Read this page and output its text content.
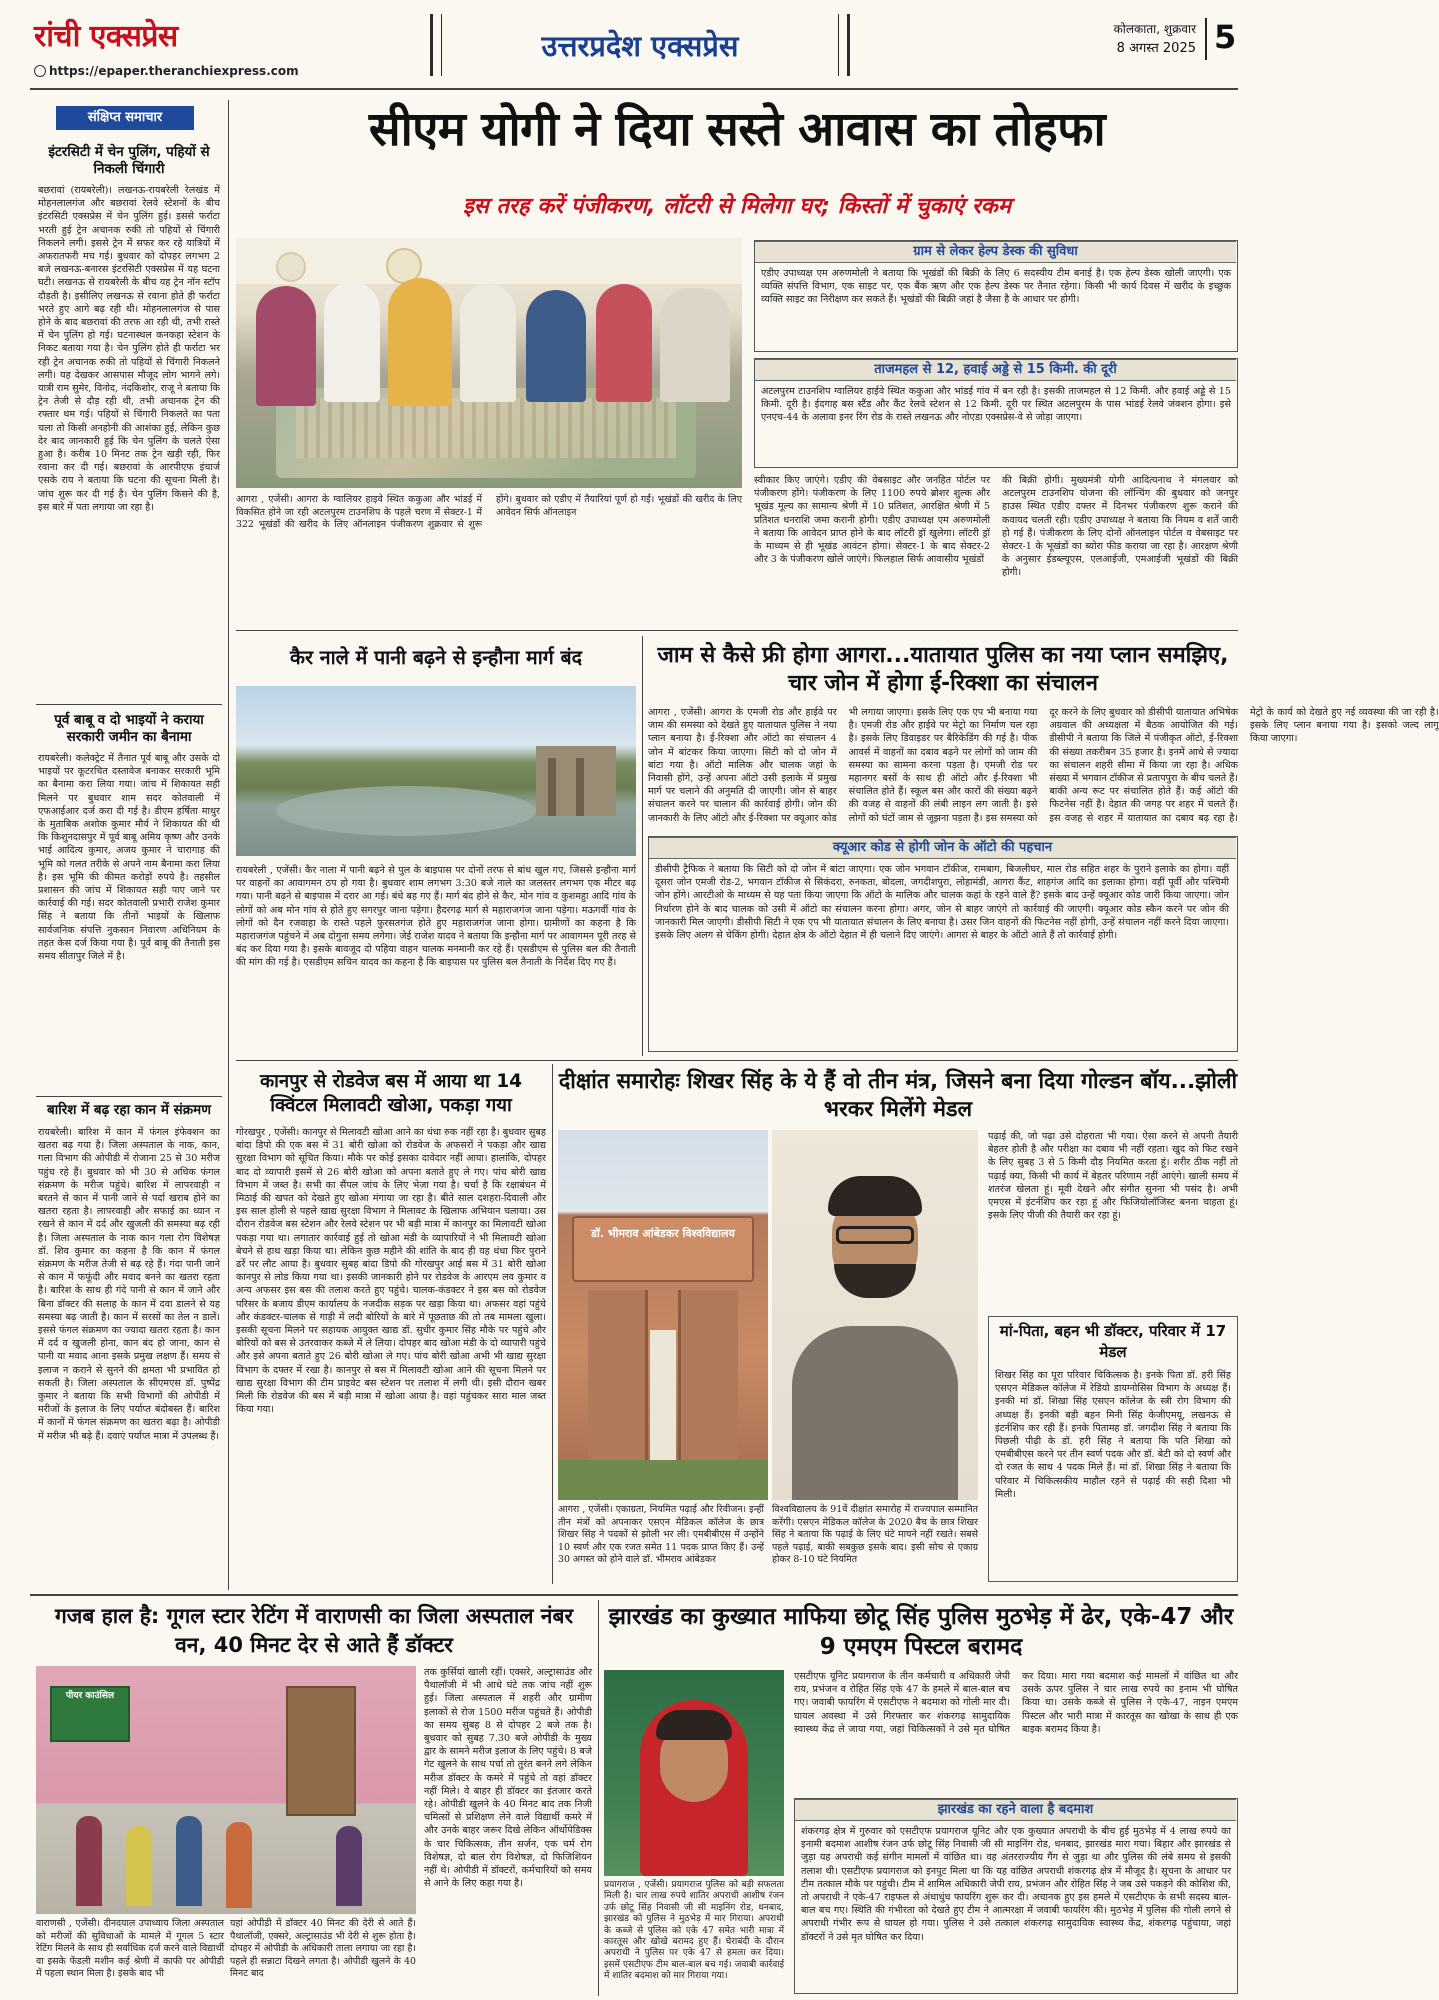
रांची एक्सप्रेस
https://epaper.theranchiexpress.com
उत्तरप्रदेश एक्सप्रेस	कोलकाता, शुक्रवार
8 अगस्त 2025 5
संक्षिप्त समाचार
इंटरसिटी में चेन पुलिंग, पहियों से निकली चिंगारी

बछरावां (रायबरेली)। लखनऊ-रायबरेली रेलखंड में मोहनलालगंज और बछरावां रेलवे स्टेशनों के बीच इंटरसिटी एक्सप्रेस में चेन पुलिंग हुई। इससे फर्राटा भरती हुई ट्रेन अचानक रुकी तो पहियों से चिंगारी निकलने लगी। इससे ट्रेन में सफर कर रहे यात्रियों में अफरातफरी मच गई। बुधवार को दोपहर लगभग 2 बजे लखनऊ-बनारस इंटरसिटी एक्सप्रेस में यह घटना घटी। लखनऊ से रायबरेली के बीच यह ट्रेन नॉन स्टॉप दौड़ती है। इसीलिए लखनऊ से रवाना होते ही फर्राटा भरते हुए आगे बढ़ रही थी। मोहनलालगंज से पास होने के बाद बछरावां की तरफ आ रही थी, तभी रास्ते में चेन पुलिंग हो गई। घटनास्थल कनकहा स्टेशन के निकट बताया गया है। चेन पुलिंग होते ही फर्राटा भर रही ट्रेन अचानक रुकी तो पहियों से चिंगारी निकलने लगी। यह देखकर आसपास मौजूद लोग भागने लगे। यात्री राम सुमेर, विनोद, नंदकिशोर, राजू ने बताया कि ट्रेन तेजी से दौड़ रही थी, तभी अचानक ट्रेन की रफ्तार थम गई। पहियों से चिंगारी निकलते का पता चला तो किसी अनहोनी की आशंका हुई, लेकिन कुछ देर बाद जानकारी हुई कि चेन पुलिंग के चलते ऐसा हुआ है। करीब 10 मिनट तक ट्रेन खड़ी रही, फिर रवाना कर दी गई। बछरावां के आरपीएफ इंचार्ज एसके राय ने बताया कि घटना की सूचना मिली है। जांच शुरू कर दी गई है। चेन पुलिंग किसने की है, इस बारे में पता लगाया जा रहा है।

पूर्व बाबू व दो भाइयों ने कराया सरकारी जमीन का बैनामा

रायबरेली। कलेक्ट्रेट में तैनात पूर्व बाबू और उसके दो भाइयों पर कूटरचित दस्तावेज बनाकर सरकारी भूमि का बैनामा करा लिया गया। जांच में शिकायत सही मिलने पर बुधवार शाम सदर कोतवाली में एफआईआर दर्ज करा दी गई है। डीएम हर्षिता माथुर के मुताबिक अशोक कुमार मौर्य ने शिकायत की थी कि किशुनदासपुर में पूर्व बाबू अमिय कृष्ण और उनके भाई आदित्य कुमार, अजय कुमार ने चारागाह की भूमि को गलत तरीके से अपने नाम बैनामा करा लिया है। इस भूमि की कीमत करोड़ों रुपये है। तहसील प्रशासन की जांच में शिकायत सही पाए जाने पर कार्रवाई की गई। सदर कोतवाली प्रभारी राजेश कुमार सिंह ने बताया कि तीनों भाइयों के खिलाफ सार्वजनिक संपत्ति नुकसान निवारण अधिनियम के तहत केस दर्ज किया गया है। पूर्व बाबू की तैनाती इस समय सीतापुर जिले में है।

बारिश में बढ़ रहा कान में संक्रमण

रायबरेली। बारिश में कान में फंगल इंफेक्शन का खतरा बढ़ गया है। जिला अस्पताल के नाक, कान, गला विभाग की ओपीडी में रोजाना 25 से 30 मरीज पहुंच रहे हैं। बुधवार को भी 30 से अधिक फंगल संक्रमण के मरीज पहुंचे। बारिश में लापरवाही न बरतने से कान में पानी जाने से पर्दा खराब होने का खतरा रहता है। लापरवाही और सफाई का ध्यान न रखने से कान में दर्द और खुजली की समस्या बढ़ रही है। जिला अस्पताल के नाक कान गला रोग विशेषज्ञ डॉ. शिव कुमार का कहना है कि कान में फंगल संक्रमण के मरीज तेजी से बढ़ रहे हैं। गंदा पानी जाने से कान में फफूंदी और मवाद बनने का खतरा रहता है। बारिश के साथ ही गंदे पानी से कान में जाने और बिना डॉक्टर की सलाह के कान में दवा डालने से यह समस्या बढ़ जाती है। कान में सरसों का तेल न डालें। इससे फंगल संक्रमण का ज्यादा खतरा रहता है। कान में दर्द व खुजली होना, कान बंद हो जाना, कान से पानी या मवाद आना इसके प्रमुख लक्षण हैं। समय से इलाज न कराने से सुनने की क्षमता भी प्रभावित हो सकती है। जिला अस्पताल के सीएमएस डॉ. पुष्पेंद्र कुमार ने बताया कि सभी विभागों की ओपीडी में मरीजों के इलाज के लिए पर्याप्त बंदोबस्त हैं। बारिश में कानों में फंगल संक्रमण का खतरा बढ़ा है। ओपीडी में मरीज भी बढ़े हैं। दवाएं पर्याप्त मात्रा में उपलब्ध हैं।

सीएम योगी ने दिया सस्ते आवास का तोहफा
इस तरह करें पंजीकरण, लॉटरी से मिलेगा घर; किस्तों में चुकाएं रकम

आगरा , एजेंसी। आगरा के ग्वालियर हाइवे स्थित ककुआ और भांडई में विकसित होने जा रही अटलपुरम टाउनशिप के पहले चरण में सेक्टर-1 में 322 भूखंडों की खरीद के लिए ऑनलाइन पंजीकरण शुक्रवार से शुरू होंगे। बुधवार को एडीए में तैयारियां पूर्ण हो गईं। भूखंडों की खरीद के लिए आवेदन सिर्फ ऑनलाइन

ग्राम से लेकर हेल्प डेस्क की सुविधा

एडीए उपाध्यक्ष एम अरुणमोली ने बताया कि भूखंडों की बिक्री के लिए 6 सदस्यीय टीम बनाई है। एक हेल्प डेस्क खोली जाएगी। एक व्यक्ति संपत्ति विभाग, एक साइट पर, एक बैंक ऋण और एक हेल्प डेस्क पर तैनात रहेगा। किसी भी कार्य दिवस में खरीद के इच्छुक व्यक्ति साइट का निरीक्षण कर सकते हैं। भूखंडों की बिक्री जहां है जैसा है के आधार पर होगी।

ताजमहल से 12, हवाई अड्डे से 15 किमी. की दूरी

अटलपुरम टाउनशिप ग्वालियर हाईवे स्थित ककुआ और भांडई गांव में बन रही है। इसकी ताजमहल से 12 किमी. और हवाई अड्डे से 15 किमी. दूरी है। ईदगाह बस स्टैंड और कैंट रेलवे स्टेशन से 12 किमी. दूरी पर स्थित अटलपुरम के पास भांडई रेलवे जंक्शन होगा। इसे एनएच-44 के अलावा इनर रिंग रोड के रास्ते लखनऊ और नोएडा एक्सप्रेस-वे से जोड़ा जाएगा।

स्वीकार किए जाएंगे। एडीए की वेबसाइट और जनहित पोर्टल पर पंजीकरण होंगे। पंजीकरण के लिए 1100 रुपये ब्रोशर शुल्क और भूखंड मूल्य का सामान्य श्रेणी में 10 प्रतिशत, आरक्षित श्रेणी में 5 प्रतिशत धनराशि जमा करानी होगी। एडीए उपाध्यक्ष एम अरुणमोली ने बताया कि आवेदन प्राप्त होने के बाद लॉटरी ड्रॉ खुलेगा। लॉटरी ड्रॉ के माध्यम से ही भूखंड आवंटन होगा। सेक्टर-1 के बाद सेक्टर-2 और 3 के पंजीकरण खोले जाएंगे। फिलहाल सिर्फ आवासीय भूखंडों

की बिक्री होगी। मुख्यमंत्री योगी आदित्यनाथ ने मंगलवार को अटलपुरम टाउनशिप योजना की लॉन्चिंग की बुधवार को जनपुर हाउस स्थित एडीए दफ्तर में दिनभर पंजीकरण शुरू कराने की कवायद चलती रही। एडीए उपाध्यक्ष ने बताया कि नियम व शर्तें जारी हो गई हैं। पंजीकरण के लिए दोनों ऑनलाइन पोर्टल व वेबसाइट पर सेक्टर-1 के भूखंडों का ब्योरा फीड कराया जा रहा है। आरक्षण श्रेणी के अनुसार ईडब्ल्यूएस, एलआईजी, एमआईजी भूखंडों की बिक्री होगी।

कैर नाले में पानी बढ़ने से इन्हौना मार्ग बंद

रायबरेली , एजेंसी। कैर नाला में पानी बढ़ने से पुल के बाइपास पर दोनों तरफ से बांध खुल गए, जिससे इन्हौना मार्ग पर वाहनों का आवागमन ठप हो गया है। बुधवार शाम लगभग 3:30 बजे नाले का जलस्तर लगभग एक मीटर बढ़ गया। पानी बढ़ने से बाइपास में दरार आ गई। बंधे बह गए हैं। मार्ग बंद होने से कैर, मोन गांव व कुशमहुा आदि गांव के लोगों को अब मोन गांव से होते हुए सगरपुर जाना पड़ेगा। हैदरगढ़ मार्ग से महाराजगंज जाना पड़ेगा। मऊगर्वी गांव के लोगों को दैन रजवाहा के रास्ते पहले फुरसतगंज होते हुए महाराजगंज जाना होगा। ग्रामीणों का कहना है कि महाराजगंज पहुंचने में अब दोगुना समय लगेगा। जेई राजेश यादव ने बताया कि इन्हौना मार्ग पर आवागमन पूरी तरह से बंद कर दिया गया है। इसके बावजूद दो पहिया वाहन चालक मनमानी कर रहे हैं। एसडीएम से पुलिस बल की तैनाती की मांग की गई है। एसडीएम सचिन यादव का कहना है कि बाइपास पर पुलिस बल तैनाती के निर्देश दिए गए हैं।

जाम से कैसे फ्री होगा आगरा...यातायात पुलिस का नया प्लान समझिए, चार जोन में होगा ई-रिक्शा का संचालन

आगरा , एजेंसी। आगरा के एमजी रोड और हाईवे पर जाम की समस्या को देखते हुए यातायात पुलिस ने नया प्लान बनाया है। ई-रिक्शा और ऑटो का संचालन 4 जोन में बांटकर किया जाएगा। सिटी को दो जोन में बांटा गया है। ऑटो मालिक और चालक जहां के निवासी होंगे, उन्हें अपना ऑटो उसी इलाके में प्रमुख मार्ग पर चलाने की अनुमति दी जाएगी। जोन से बाहर संचालन करने पर चालान की कार्रवाई होगी। जोन की जानकारी के लिए ऑटो और ई-रिक्शा पर क्यूआर कोड भी लगाया जाएगा। इसके लिए एक एप भी बनाया गया है। एमजी रोड और हाईवे पर मेट्रो का निर्माण चल रहा है। इसके लिए डिवाइडर पर बैरिकेडिंग की गई है। पीक आवर्स में वाहनों का दबाव बढ़ने पर लोगों को जाम की समस्या का सामना करना पड़ता है। एमजी रोड पर महानगर बसों के साथ ही ऑटो और ई-रिक्शा भी संचालित होते हैं। स्कूल बस और कारों की संख्या बढ़ने की वजह से वाहनों की लंबी लाइन लग जाती है। इसे लोगों को घंटों जाम से जूझना पड़ता है। इस समस्या को दूर करने के लिए बुधवार को डीसीपी यातायात अभिषेक अग्रवाल की अध्यक्षता में बैठक आयोजित की गई। डीसीपी ने बताया कि जिले में पंजीकृत ऑटो, ई-रिक्शा की संख्या तकरीबन 35 हजार है। इनमें आधे से ज्यादा का संचालन शहरी सीमा में किया जा रहा है। अधिक संख्या में भगवान टॉकीज से प्रतापपुरा के बीच चलते हैं। बाकी अन्य रूट पर संचालित होते हैं। कई ऑटो की फिटनेस नहीं है। देहात की जगह पर शहर में चलते हैं। इस वजह से शहर में यातायात का दबाव बढ़ रहा है। मेट्रो के कार्य को देखते हुए नई व्यवस्था की जा रही है। इसके लिए प्लान बनाया गया है। इसको जल्द लागू किया जाएगा।

क्यूआर कोड से होगी जोन के ऑटो की पहचान

डीसीपी ट्रैफिक ने बताया कि सिटी को दो जोन में बांटा जाएगा। एक जोन भगवान टॉकीज, रामबाग, बिजलीघर, माल रोड सहित शहर के पुराने इलाके का होगा। वहीं दूसरा जोन एमजी रोड-2, भगवान टॉकीज से सिकंदरा, रुनकता, बोदला, जगदीशपुरा, लोहामंडी, आगरा कैंट, शाहगंज आदि का इलाका होगा। वहीं पूर्वी और पश्चिमी जोन होंगे। आरटीओ के माध्यम से यह पता किया जाएगा कि ऑटो के मालिक और चालक कहां के रहने वाले हैं? इसके बाद उन्हें क्यूआर कोड जारी किया जाएगा। जोन निर्धारण होने के बाद चालक को उसी में ऑटो का संचालन करना होगा। अगर, जोन से बाहर जाएंगे तो कार्रवाई की जाएगी। क्यूआर कोड स्कैन करने पर जोन की जानकारी मिल जाएगी। डीसीपी सिटी ने एक एप भी यातायात संचालन के लिए बनाया है। उसर जिन वाहनों की फिटनेस नहीं होगी, उन्हें संचालन नहीं करने दिया जाएगा। इसके लिए अलग से चेकिंग होगी। देहात क्षेत्र के ऑटो देहात में ही चलाने दिए जाएंगे। आगरा से बाहर के ऑटो आते हैं तो कार्रवाई होगी।

कानपुर से रोडवेज बस में आया था 14 क्विंटल मिलावटी खोआ, पकड़ा गया

गोरखपुर , एजेंसी। कानपुर से मिलावटी खोआ आने का धंधा रुक नहीं रहा है। बुधवार सुबह बांदा डिपो की एक बस में 31 बोरी खोआ को रोडवेज के अफसरों ने पकड़ा और खाद्य सुरक्षा विभाग को सूचित किया। मौके पर कोई इसका दावेदार नहीं आया। हालांकि, दोपहर बाद दो व्यापारी इसमें से 26 बोरी खोआ को अपना बताते हुए ले गए। पांच बोरी खाद्य विभाग में जब्त है। सभी का सैंपल जांच के लिए भेजा गया है। चर्चा है कि रक्षाबंधन में मिठाई की खपत को देखते हुए खोआ मंगाया जा रहा है। बीते साल दशहरा-दिवाली और इस साल होली से पहले खाद्य सुरक्षा विभाग ने मिलावट के खिलाफ अभियान चलाया। उस दौरान रोडवेज बस स्टेशन और रेलवे स्टेशन पर भी बड़ी मात्रा में कानपुर का मिलावटी खोआ पकड़ा गया था। लगातार कार्रवाई हुई तो खोआ मंडी के व्यापारियों ने भी मिलावटी खोआ बेचने से हाथ खड़ा किया था। लेकिन कुछ महीने की शांति के बाद ही यह धंधा फिर पुराने ढर्रे पर लौट आया है। बुधवार सुबह बांदा डिपो की गोरखपुर आई बस में 31 बोरी खोआ कानपुर से लोड किया गया था। इसकी जानकारी होने पर रोडवेज के आरएम लव कुमार व अन्य अफसर इस बस की तलाश करते हुए पहुंचे। चालक-कंडक्टर ने इस बस को रोडवेज परिसर के बजाय डीएम कार्यालय के नजदीक सड़क पर खड़ा किया था। अफसर वहां पहुंचे और कंडक्टर-चालक से गाड़ी में लदी बोरियों के बारे में पूछताछ की तो तब मामला खुला। इसकी सूचना मिलने पर सहायक आयुक्त खाद्य डॉ. सुधीर कुमार सिंह मौके पर पहुंचे और बोरियों को बस से उतरवाकर कब्जे में ले लिया। दोपहर बाद खोआ मंडी के दो व्यापारी पहुंचे और इसे अपना बताते हुए 26 बोरी खोआ ले गए। पांच बोरी खोआ अभी भी खाद्य सुरक्षा विभाग के दफ्तर में रखा है। कानपुर से बस में मिलावटी खोआ आने की सूचना मिलने पर खाद्य सुरक्षा विभाग की टीम प्राइवेट बस स्टेशन पर तलाश में लगी थी। इसी दौरान खबर मिली कि रोडवेज की बस में बड़ी मात्रा में खोआ आया है। वहां पहुंचकर सारा माल जब्त किया गया।

दीक्षांत समारोहः शिखर सिंह के ये हैं वो तीन मंत्र, जिसने बना दिया गोल्डन बॉय...झोली भरकर मिलेंगे मेडल
डॉ. भीमराव आंबेडकर विश्वविद्यालय

आगरा , एजेंसी। एकाग्रता, नियमित पढ़ाई और रिवीजन। इन्हीं तीन मंत्रों को अपनाकर एसएन मेडिकल कॉलेज के छात्र शिखर सिंह ने पदकों से झोली भर ली। एमबीबीएस में उन्होंने 10 स्वर्ण और एक रजत समेत 11 पदक प्राप्त किए हैं। उन्हें 30 अगस्त को होने वाले डॉ. भीमराव आंबेडकर

विश्वविद्यालय के 91वें दीक्षांत समारोह में राज्यपाल सम्मानित करेंगी। एसएन मेडिकल कॉलेज के 2020 बैच के छात्र शिखर सिंह ने बताया कि पढ़ाई के लिए घंटे मायने नहीं रखते। सबसे पहले पढ़ाई, बाकी सबकुछ इसके बाद। इसी सोच से एकाग्र होकर 8-10 घंटे नियमित

पढ़ाई की, जो पढ़ा उसे दोहराता भी गया। ऐसा करने से अपनी तैयारी बेहतर होती है और परीक्षा का दबाव भी नहीं रहता। खुद को फिट रखने के लिए सुबह 3 से 5 किमी दौड़ नियमित करता हूं। शरीर ठीक नहीं तो पढ़ाई क्या, किसी भी कार्य में बेहतर परिणाम नहीं आएंगे। खाली समय में शतरंज खेलता हूं। मूवी देखने और संगीत सुनना भी पसंद है। अभी एमएस में इंटर्नशिप कर रहा हूं और फिजियोलॉजिस्ट बनना चाहता हूं। इसके लिए पीजी की तैयारी कर रहा हूं।

मां-पिता, बहन भी डॉक्टर, परिवार में 17 मेडल

शिखर सिंह का पूरा परिवार चिकित्सक है। इनके पिता डॉ. हरी सिंह एसएन मेडिकल कॉलेज में रेडियो डायग्नोसिस विभाग के अध्यक्ष हैं। इनकी मां डॉ. शिखा सिंह एसएन कॉलेज के स्त्री रोग विभाग की अध्यक्ष हैं। इनकी बड़ी बहन मिनी सिंह केजीएमयू, लखनऊ से इंटर्नशिप कर रही हैं। इनके पितामह डॉ. जगदीश सिंह ने बताया कि पिछली पीढ़ी के डॉ. हरी सिंह ने बताया कि पति शिखा को एमबीबीएस करने पर तीन स्वर्ण पदक और डॉ. बेटी को दो स्वर्ण और दो रजत के साथ 4 पदक मिले हैं। मां डॉ. शिखा सिंह ने बताया कि परिवार में चिकित्सकीय माहौल रहने से पढ़ाई की सही दिशा भी मिली।

गजब हाल है: गूगल स्टार रेटिंग में वाराणसी का जिला अस्पताल नंबर वन, 40 मिनट देर से आते हैं डॉक्टर
पीयर काउंसिल

तक कुर्सियां खाली रहीं। एक्सरे, अल्ट्रासाउंड और पैथालॉजी में भी आधे घंटे तक जांच नहीं शुरू हुई। जिला अस्पताल में शहरी और ग्रामीण इलाकों से रोज 1500 मरीज पहुंचते हैं। ओपीडी का समय सुबह 8 से दोपहर 2 बजे तक है। बुधवार को सुबह 7.30 बजे ओपीडी के मुख्य द्वार के सामने मरीज इलाज के लिए पहुंचे। 8 बजे गेट खुलने के साथ पर्चा तो तुरंत बनने लगे लेकिन मरीज डॉक्टर के कमरे में पहुंचे तो वहां डॉक्टर नहीं मिले। वे बाहर ही डॉक्टर का इंतजार करते रहे। ओपीडी खुलने के 40 मिनट बाद तक निजी चमित्सों से प्रशिक्षण लेने वाले विद्यार्थी कमरे में और उनके बाहर जरूर दिखे लेकिन ऑर्थोपेडिक्स के चार चिकित्सक, तीन सर्जन, एक चर्म रोग विशेषज्ञ, दो बाल रोग विशेषज्ञ, दो फिजिशियन नहीं थे। ओपीडी में डॉक्टरों, कर्मचारियों को समय से आने के लिए कहा गया है।

वाराणसी , एजेंसी। दीनदयाल उपाध्याय जिला अस्पताल को मरीजों की सुविधाओं के मामले में गूगल 5 स्टार रेटिंग मिलने के साथ ही सर्वाधिक दर्ज करने वाले विद्यार्थी वा इसके फेंडली मशीन कई श्रेणी में काफी पर ओपीडी में पहला स्थान मिला है। इसके बाद भी

यहां ओपीडी में डॉक्टर 40 मिनट की देरी से आते हैं। पैथालॉजी, एक्सरे, अल्ट्रासाउंड भी देरी से शुरू होता है। दोपहर में ओपीडी के अधिकारी ताला लगाया जा रहा है। पहले ही सन्नाटा दिखने लगता है। ओपीडी खुलने के 40 मिनट बाद

झारखंड का कुख्यात माफिया छोटू सिंह पुलिस मुठभेड़ में ढेर, एके-47 और 9 एमएम पिस्टल बरामद

प्रयागराज , एजेंसी। प्रयागराज पुलिस को बड़ी सफलता मिली है। चार लाख रुपये शातिर अपराधी आशीष रंजन उर्फ छोटू सिंह निवासी जी सी माइनिंग रोड, धनबाद, झारखंड को पुलिस ने मुठभेड़ में मार गिराया। अपराधी के कब्जे से पुलिस को एके 47 समेत भारी मात्रा में कारतूस और खोखे बरामद हुए हैं। घेराबंदी के दौरान अपराधी ने पुलिस पर एके 47 से हमला कर दिया। इसमें एसटीएफ टीम बाल-बाल बच गई। जवाबी कार्रवाई में शातिर बदमाश को मार गिराया गया।

एसटीएफ यूनिट प्रयागराज के तीन कर्मचारी व अधिकारी जेपी राय, प्रभंजन व रोहित सिंह एके 47 के हमले में बाल-बाल बच गए। जवाबी फायरिंग में एसटीएफ ने बदमाश को गोली मार दी। घायल अवस्था में उसे गिरफ्तार कर शंकरगढ़ सामुदायिक स्वास्थ्य केंद्र ले जाया गया, जहां चिकित्सकों ने उसे मृत घोषित कर दिया। मारा गया बदमाश कई मामलों में वांछित था और उसके ऊपर पुलिस ने चार लाख रुपये का इनाम भी घोषित किया था। उसके कब्जे से पुलिस ने एके-47, नाइन एमएम पिस्टल और भारी मात्रा में कारतूस का खोखा के साथ ही एक बाइक बरामद किया है।

झारखंड का रहने वाला है बदमाश

शंकरगढ़ क्षेत्र में गुरुवार को एसटीएफ प्रयागराज यूनिट और एक कुख्यात अपराधी के बीच हुई मुठभेड़ में 4 लाख रुपये का इनामी बदमाश आशीष रंजन उर्फ छोटू सिंह निवासी जी सी माइनिंग रोड, धनबाद, झारखंड मारा गया। बिहार और झारखंड से जुड़ा यह अपराधी कई संगीन मामलों में वांछित था। वह अंतरराज्यीय गैंग से जुड़ा था और पुलिस की लंबे समय से इसकी तलाश थी। एसटीएफ प्रयागराज को इनपुट मिला था कि यह वांछित अपराधी शंकरगढ़ क्षेत्र में मौजूद है। सूचना के आधार पर टीम तत्काल मौके पर पहुंची। टीम में शामिल अधिकारी जेपी राय, प्रभंजन और रोहित सिंह ने जब उसे पकड़ने की कोशिश की, तो अपराधी ने एके-47 राइफल से अंधाधुंध फायरिंग शुरू कर दी। अचानक हुए इस हमले में एसटीएफ के सभी सदस्य बाल-बाल बच गए। स्थिति की गंभीरता को देखते हुए टीम ने आत्मरक्षा में जवाबी फायरिंग की। मुठभेड़ में पुलिस की गोली लगने से अपराधी गंभीर रूप से घायल हो गया। पुलिस ने उसे तत्काल शंकरगढ़ सामुदायिक स्वास्थ्य केंद्र, शंकरगढ़ पहुंचाया, जहां डॉक्टरों ने उसे मृत घोषित कर दिया।
